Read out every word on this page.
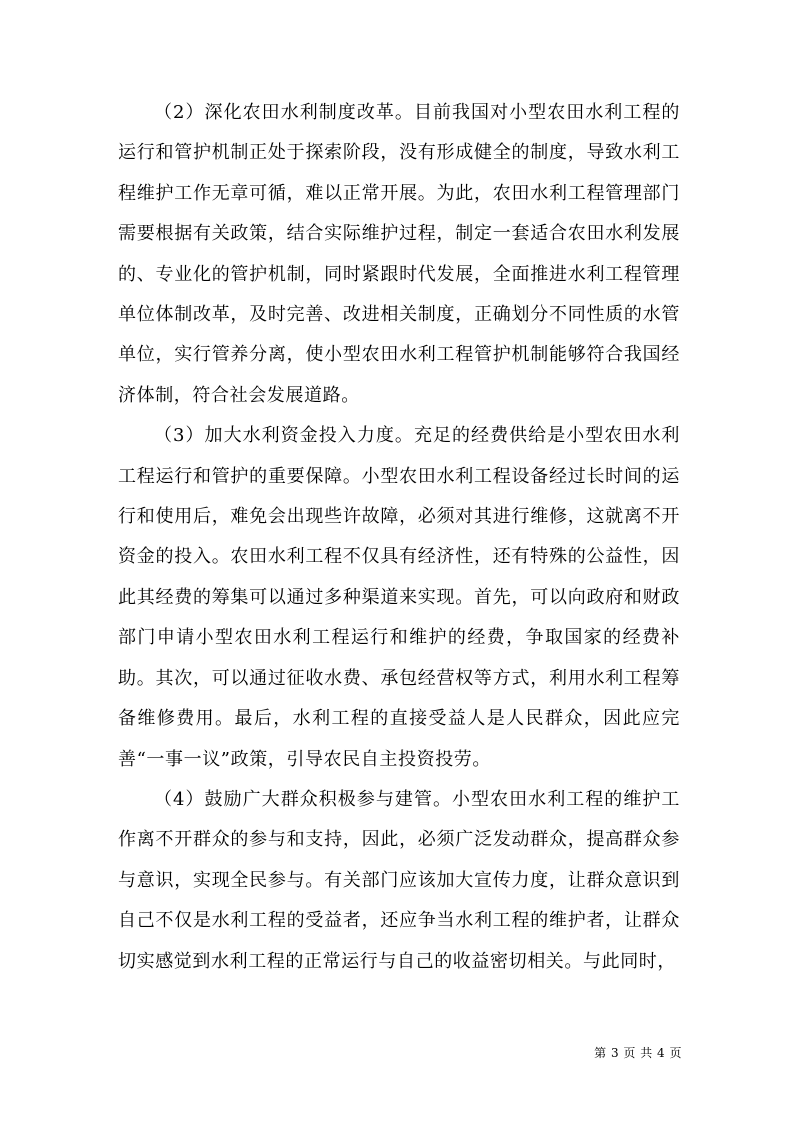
（2）深化农田水利制度改革。目前我国对小型农田水利工程的运行和管护机制正处于探索阶段，没有形成健全的制度，导致水利工程维护工作无章可循，难以正常开展。为此，农田水利工程管理部门需要根据有关政策，结合实际维护过程，制定一套适合农田水利发展的、专业化的管护机制，同时紧跟时代发展，全面推进水利工程管理单位体制改革，及时完善、改进相关制度，正确划分不同性质的水管单位，实行管养分离，使小型农田水利工程管护机制能够符合我国经济体制，符合社会发展道路。

（3）加大水利资金投入力度。充足的经费供给是小型农田水利工程运行和管护的重要保障。小型农田水利工程设备经过长时间的运行和使用后，难免会出现些许故障，必须对其进行维修，这就离不开资金的投入。农田水利工程不仅具有经济性，还有特殊的公益性，因此其经费的筹集可以通过多种渠道来实现。首先，可以向政府和财政部门申请小型农田水利工程运行和维护的经费，争取国家的经费补助。其次，可以通过征收水费、承包经营权等方式，利用水利工程筹备维修费用。最后，水利工程的直接受益人是人民群众，因此应完善“一事一议”政策，引导农民自主投资投劳。

（4）鼓励广大群众积极参与建管。小型农田水利工程的维护工作离不开群众的参与和支持，因此，必须广泛发动群众，提高群众参与意识，实现全民参与。有关部门应该加大宣传力度，让群众意识到自己不仅是水利工程的受益者，还应争当水利工程的维护者，让群众切实感觉到水利工程的正常运行与自己的收益密切相关。与此同时，

第 3 页 共 4 页
